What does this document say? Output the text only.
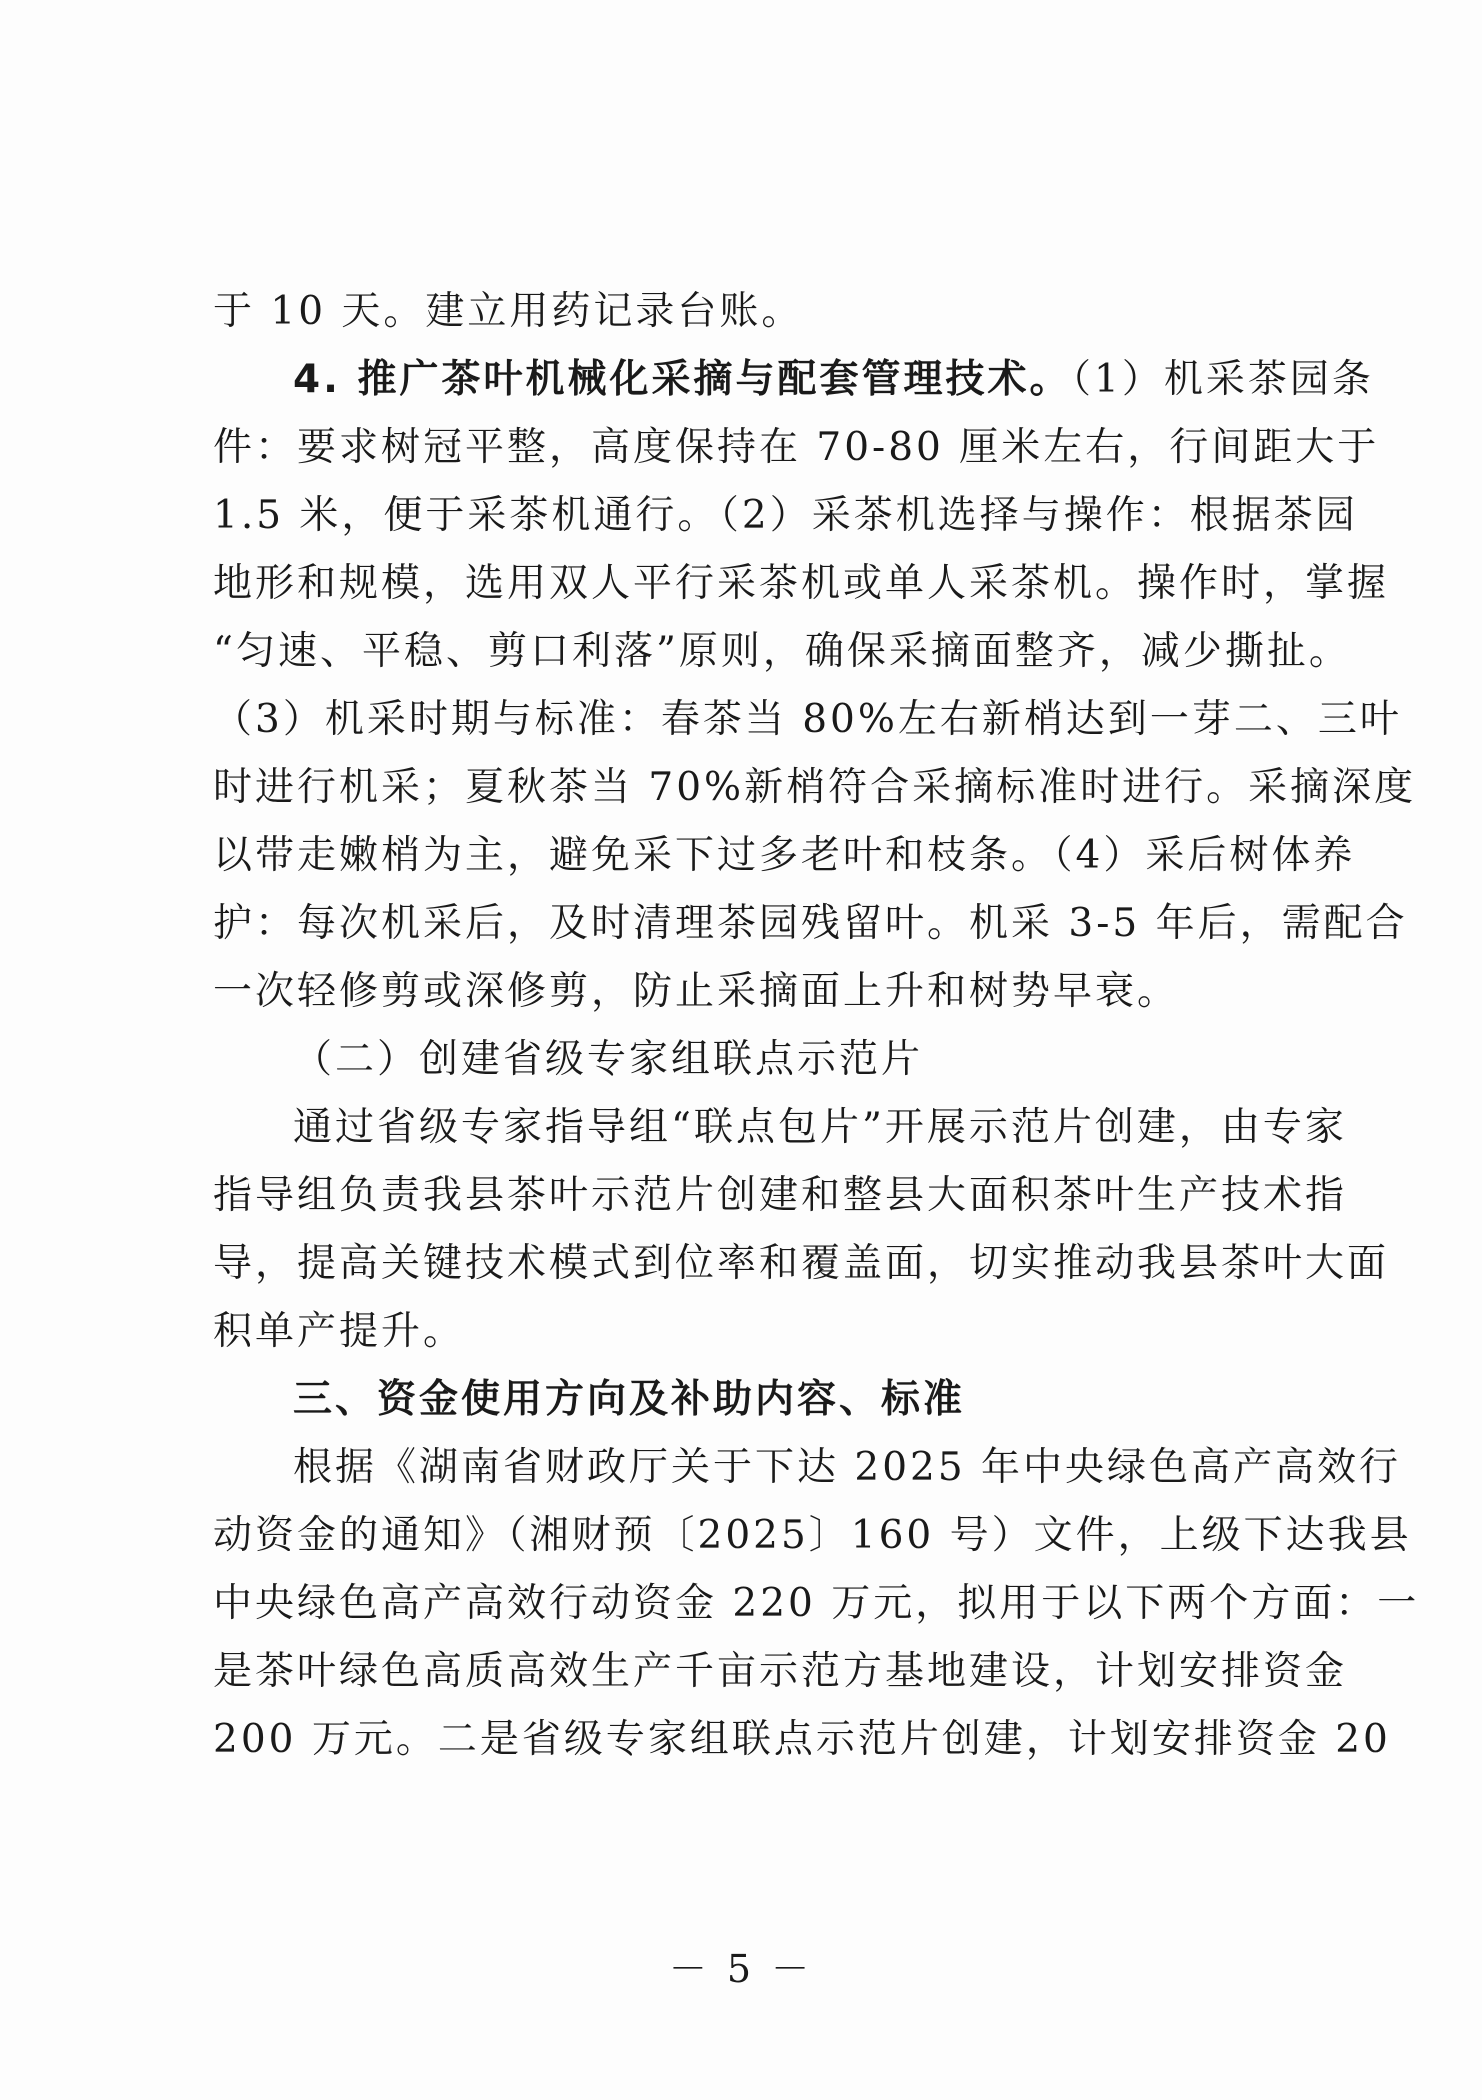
于 10 天。建立用药记录台账。
4. 推广茶叶机械化采摘与配套管理技术。（1）机采茶园条
件：要求树冠平整，高度保持在 70-80 厘米左右，行间距大于
1.5 米，便于采茶机通行。（2）采茶机选择与操作：根据茶园
地形和规模，选用双人平行采茶机或单人采茶机。操作时，掌握
“匀速、平稳、剪口利落”原则，确保采摘面整齐，减少撕扯。
（3）机采时期与标准：春茶当 80%左右新梢达到一芽二、三叶
时进行机采；夏秋茶当 70%新梢符合采摘标准时进行。采摘深度
以带走嫩梢为主，避免采下过多老叶和枝条。（4）采后树体养
护：每次机采后，及时清理茶园残留叶。机采 3-5 年后，需配合
一次轻修剪或深修剪，防止采摘面上升和树势早衰。
（二）创建省级专家组联点示范片
通过省级专家指导组“联点包片”开展示范片创建，由专家
指导组负责我县茶叶示范片创建和整县大面积茶叶生产技术指
导，提高关键技术模式到位率和覆盖面，切实推动我县茶叶大面
积单产提升。
三、资金使用方向及补助内容、标准
根据《湖南省财政厅关于下达 2025 年中央绿色高产高效行
动资金的通知》（湘财预〔2025〕160 号）文件，上级下达我县
中央绿色高产高效行动资金 220 万元，拟用于以下两个方面：一
是茶叶绿色高质高效生产千亩示范方基地建设，计划安排资金
200 万元。二是省级专家组联点示范片创建，计划安排资金 20
－ 5 －
